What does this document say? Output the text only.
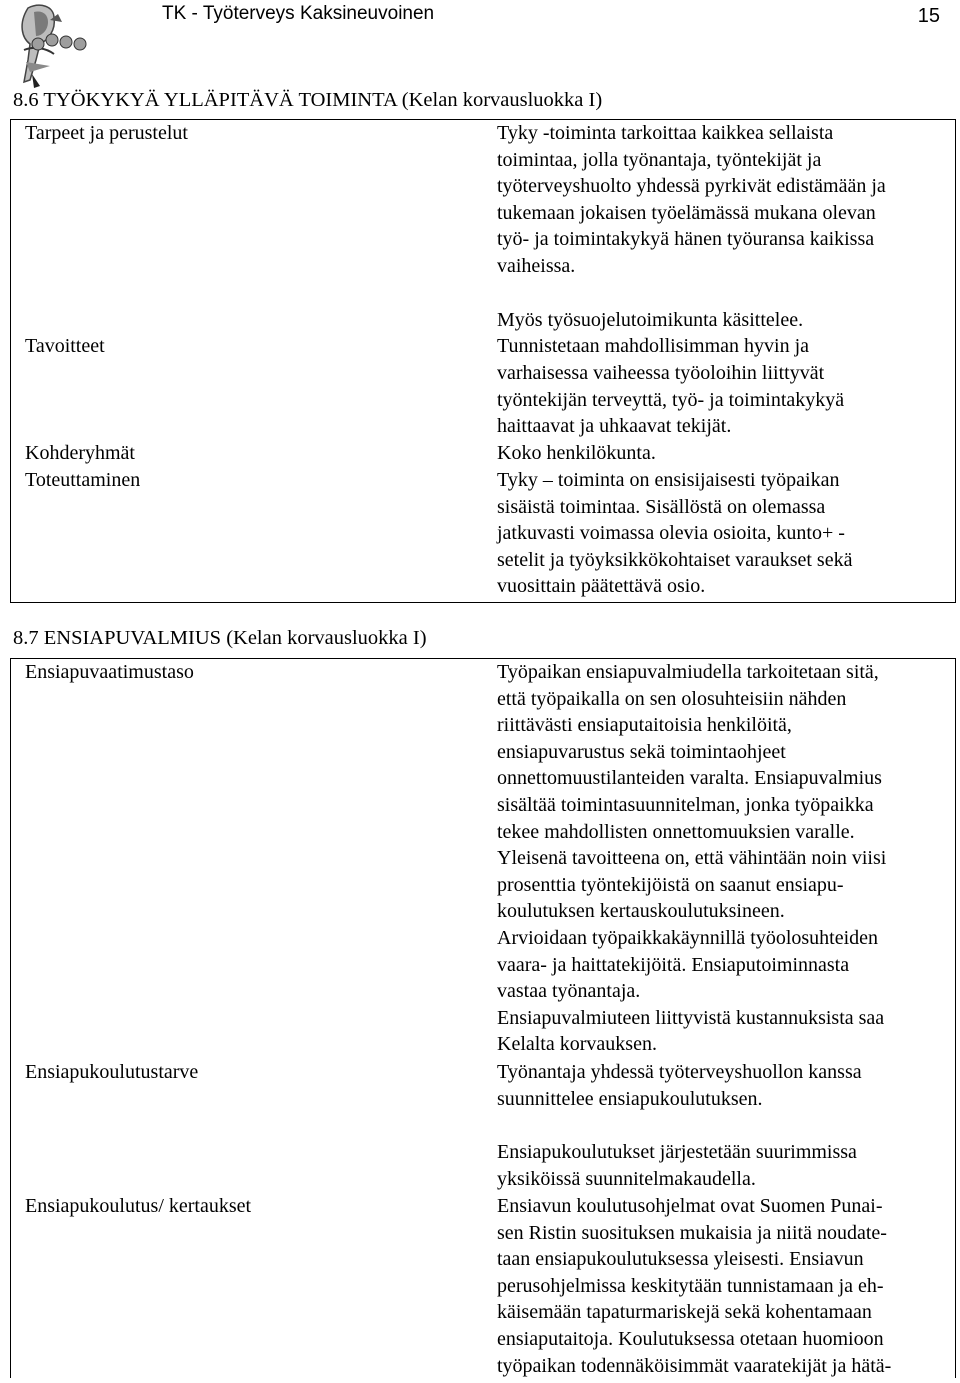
TK - Työterveys Kaksineuvoinen	15
8.6 TYÖKYKYÄ YLLÄPITÄVÄ TOIMINTA (Kelan korvausluokka I)
Tarpeet ja perustelut
Tavoitteet
Kohderyhmät
Toteuttaminen
Tyky -toiminta tarkoittaa kaikkea sellaista
toimintaa, jolla työnantaja, työntekijät ja
työterveyshuolto yhdessä pyrkivät edistämään ja
tukemaan jokaisen työelämässä mukana olevan
työ- ja toimintakykyä hänen työuransa kaikissa
vaiheissa.
Myös työsuojelutoimikunta käsittelee.
Tunnistetaan mahdollisimman hyvin ja
varhaisessa vaiheessa työoloihin liittyvät
työntekijän terveyttä, työ- ja toimintakykyä
haittaavat ja uhkaavat tekijät.
Koko henkilökunta.
Tyky – toiminta on ensisijaisesti työpaikan
sisäistä toimintaa. Sisällöstä on olemassa
jatkuvasti voimassa olevia osioita, kunto+ -
setelit ja työyksikkökohtaiset varaukset sekä
vuosittain päätettävä osio.
8.7 ENSIAPUVALMIUS (Kelan korvausluokka I)
Ensiapuvaatimustaso
Ensiapukoulutustarve
Ensiapukoulutus/ kertaukset
Työpaikan ensiapuvalmiudella tarkoitetaan sitä,
että työpaikalla on sen olosuhteisiin nähden
riittävästi ensiaputaitoisia henkilöitä,
ensiapuvarustus sekä toimintaohjeet
onnettomuustilanteiden varalta. Ensiapuvalmius
sisältää toimintasuunnitelman, jonka työpaikka
tekee mahdollisten onnettomuuksien varalle.
Yleisenä tavoitteena on, että vähintään noin viisi
prosenttia työntekijöistä on saanut ensiapu-
koulutuksen kertauskoulutuksineen.
Arvioidaan työpaikkakäynnillä työolosuhteiden
vaara- ja haittatekijöitä. Ensiaputoiminnasta
vastaa työnantaja.
Ensiapuvalmiuteen liittyvistä kustannuksista saa
Kelalta korvauksen.
Työnantaja yhdessä työterveyshuollon kanssa
suunnittelee ensiapukoulutuksen.
Ensiapukoulutukset järjestetään suurimmissa
yksiköissä suunnitelmakaudella.
Ensiavun koulutusohjelmat ovat Suomen Punai-
sen Ristin suosituksen mukaisia ja niitä noudate-
taan ensiapukoulutuksessa yleisesti. Ensiavun
perusohjelmissa keskitytään tunnistamaan ja eh-
käisemään tapaturmariskejä sekä kohentamaan
ensiaputaitoja. Koulutuksessa otetaan huomioon
työpaikan todennäköisimmät vaaratekijät ja hätä-
